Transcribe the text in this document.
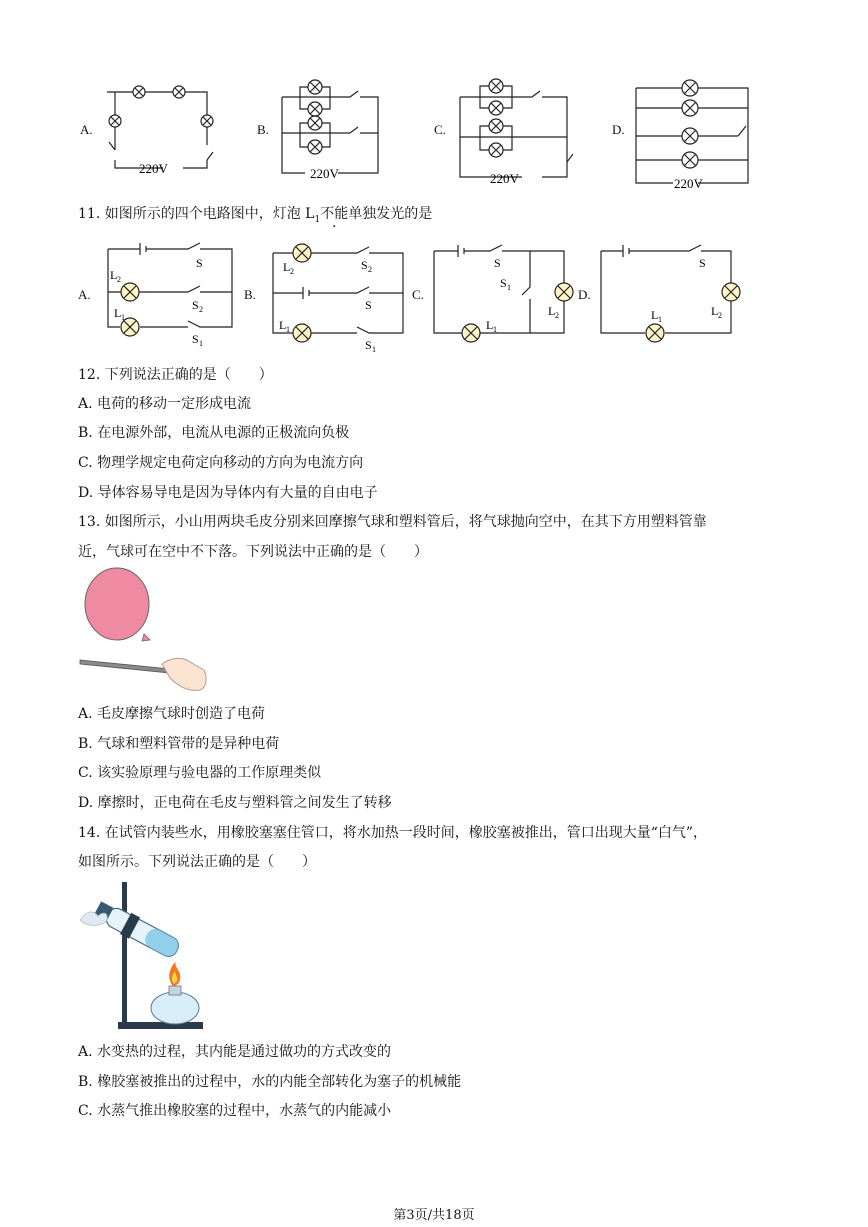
A.
220V
B.
220V
C.
220V
D.
220V
11. 如图所示的四个电路图中，灯泡 $L_1$不能单独发光的是
A.
S
L 2
S 2
L 1
S 1
B.
L 2	S 2
S
L 1
S 1
C.
S
S 1
L 2
L 1
D.
S
L 1
L 2
12. 下列说法正确的是（　　）
A. 电荷的移动一定形成电流
B. 在电源外部，电流从电源的正极流向负极
C. 物理学规定电荷定向移动的方向为电流方向
D. 导体容易导电是因为导体内有大量的自由电子
13. 如图所示，小山用两块毛皮分别来回摩擦气球和塑料管后，将气球抛向空中，在其下方用塑料管靠
近，气球可在空中不下落。下列说法中正确的是（　　）
A. 毛皮摩擦气球时创造了电荷
B. 气球和塑料管带的是异种电荷
C. 该实验原理与验电器的工作原理类似
D. 摩擦时，正电荷在毛皮与塑料管之间发生了转移
14. 在试管内装些水，用橡胶塞塞住管口，将水加热一段时间，橡胶塞被推出，管口出现大量“白气”，
如图所示。下列说法正确的是（　　）
A. 水变热的过程，其内能是通过做功的方式改变的
B. 橡胶塞被推出的过程中，水的内能全部转化为塞子的机械能
C. 水蒸气推出橡胶塞的过程中，水蒸气的内能减小
第3页/共18页
